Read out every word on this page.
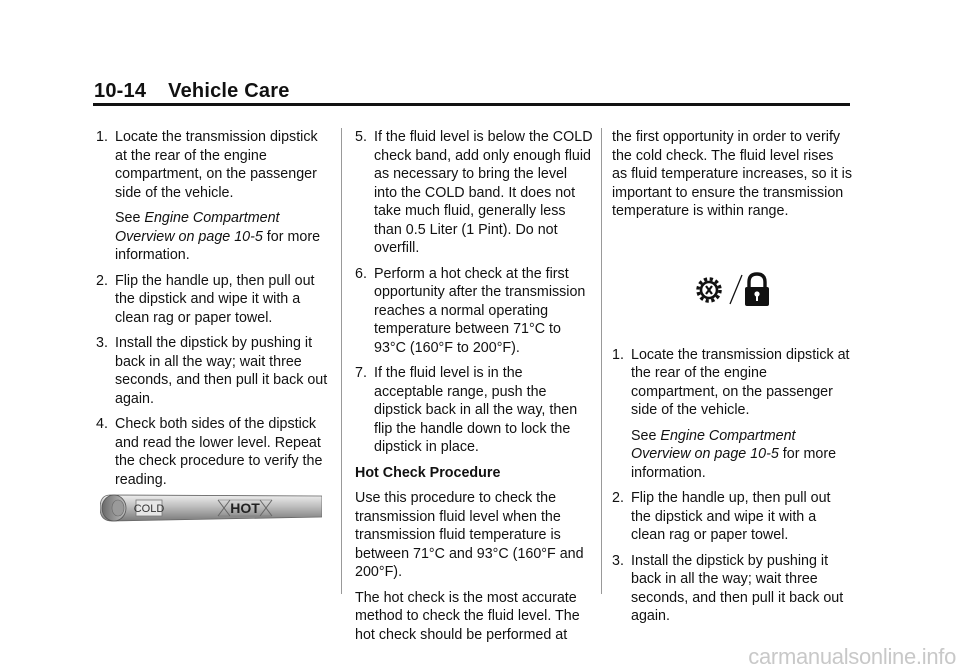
10-14 Vehicle Care
1. Locate the transmission dipstick at the rear of the engine compartment, on the passenger side of the vehicle.
See Engine Compartment Overview on page 10-5 for more information.
2. Flip the handle up, then pull out the dipstick and wipe it with a clean rag or paper towel.
3. Install the dipstick by pushing it back in all the way; wait three seconds, and then pull it back out again.
4. Check both sides of the dipstick and read the lower level. Repeat the check procedure to verify the reading.
COLD	HOT
5. If the fluid level is below the COLD check band, add only enough fluid as necessary to bring the level into the COLD band. It does not take much fluid, generally less than 0.5 Liter (1 Pint). Do not overfill.
6. Perform a hot check at the first opportunity after the transmission reaches a normal operating temperature between 71°C to 93°C (160°F to 200°F).
7. If the fluid level is in the acceptable range, push the dipstick back in all the way, then flip the handle down to lock the dipstick in place.
Hot Check Procedure
Use this procedure to check the transmission fluid level when the transmission fluid temperature is between 71°C and 93°C (160°F and 200°F).
The hot check is the most accurate method to check the fluid level. The hot check should be performed at
the first opportunity in order to verify the cold check. The fluid level rises as fluid temperature increases, so it is important to ensure the transmission temperature is within range.
1. Locate the transmission dipstick at the rear of the engine compartment, on the passenger side of the vehicle.
See Engine Compartment Overview on page 10-5 for more information.
2. Flip the handle up, then pull out the dipstick and wipe it with a clean rag or paper towel.
3. Install the dipstick by pushing it back in all the way; wait three seconds, and then pull it back out again.
carmanualsonline.info
